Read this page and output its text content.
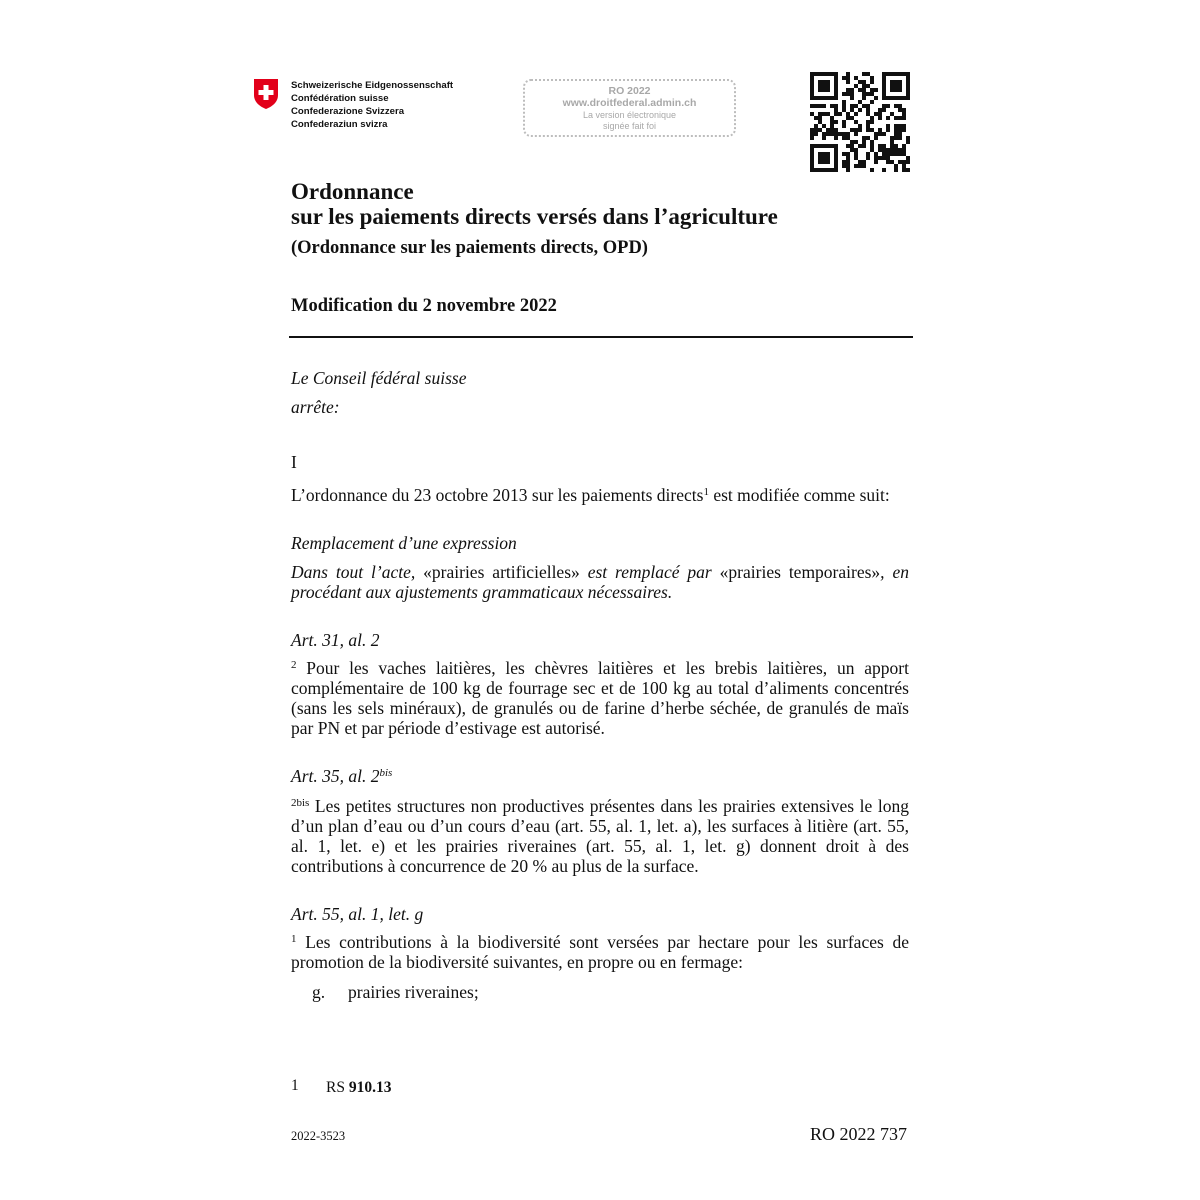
Schweizerische Eidgenossenschaft
Confédération suisse
Confederazione Svizzera
Confederaziun svizra
RO 2022
www.droitfederal.admin.ch
La version électronique
signée fait foi
Ordonnance
sur les paiements directs versés dans l’agriculture
(Ordonnance sur les paiements directs, OPD)
Modification du 2 novembre 2022
Le Conseil fédéral suisse
arrête:
I
L’ordonnance du 23 octobre 2013 sur les paiements directs$^1$ est modifiée comme suit:
Remplacement d’une expression
Dans tout l’acte, «prairies artificielles» est remplacé par «prairies temporaires», en procédant aux ajustements grammaticaux nécessaires.
Art. 31, al. 2
$^2$ Pour les vaches laitières, les chèvres laitières et les brebis laitières, un apport complémentaire de 100 kg de fourrage sec et de 100 kg au total d’aliments concentrés (sans les sels minéraux), de granulés ou de farine d’herbe séchée, de granulés de maïs par PN et par période d’estivage est autorisé.
Art. 35, al. $2^{bis}$
$^{2bis}$ Les petites structures non productives présentes dans les prairies extensives le long d’un plan d’eau ou d’un cours d’eau (art. 55, al. 1, let. a), les surfaces à litière (art. 55, al. 1, let. e) et les prairies riveraines (art. 55, al. 1, let. g) donnent droit à des contributions à concurrence de 20 % au plus de la surface.
Art. 55, al. 1, let. g
$^1$ Les contributions à la biodiversité sont versées par hectare pour les surfaces de promotion de la biodiversité suivantes, en propre ou en fermage:
g. prairies riveraines;
1 RS 910.13
2022-3523	RO 2022 737
